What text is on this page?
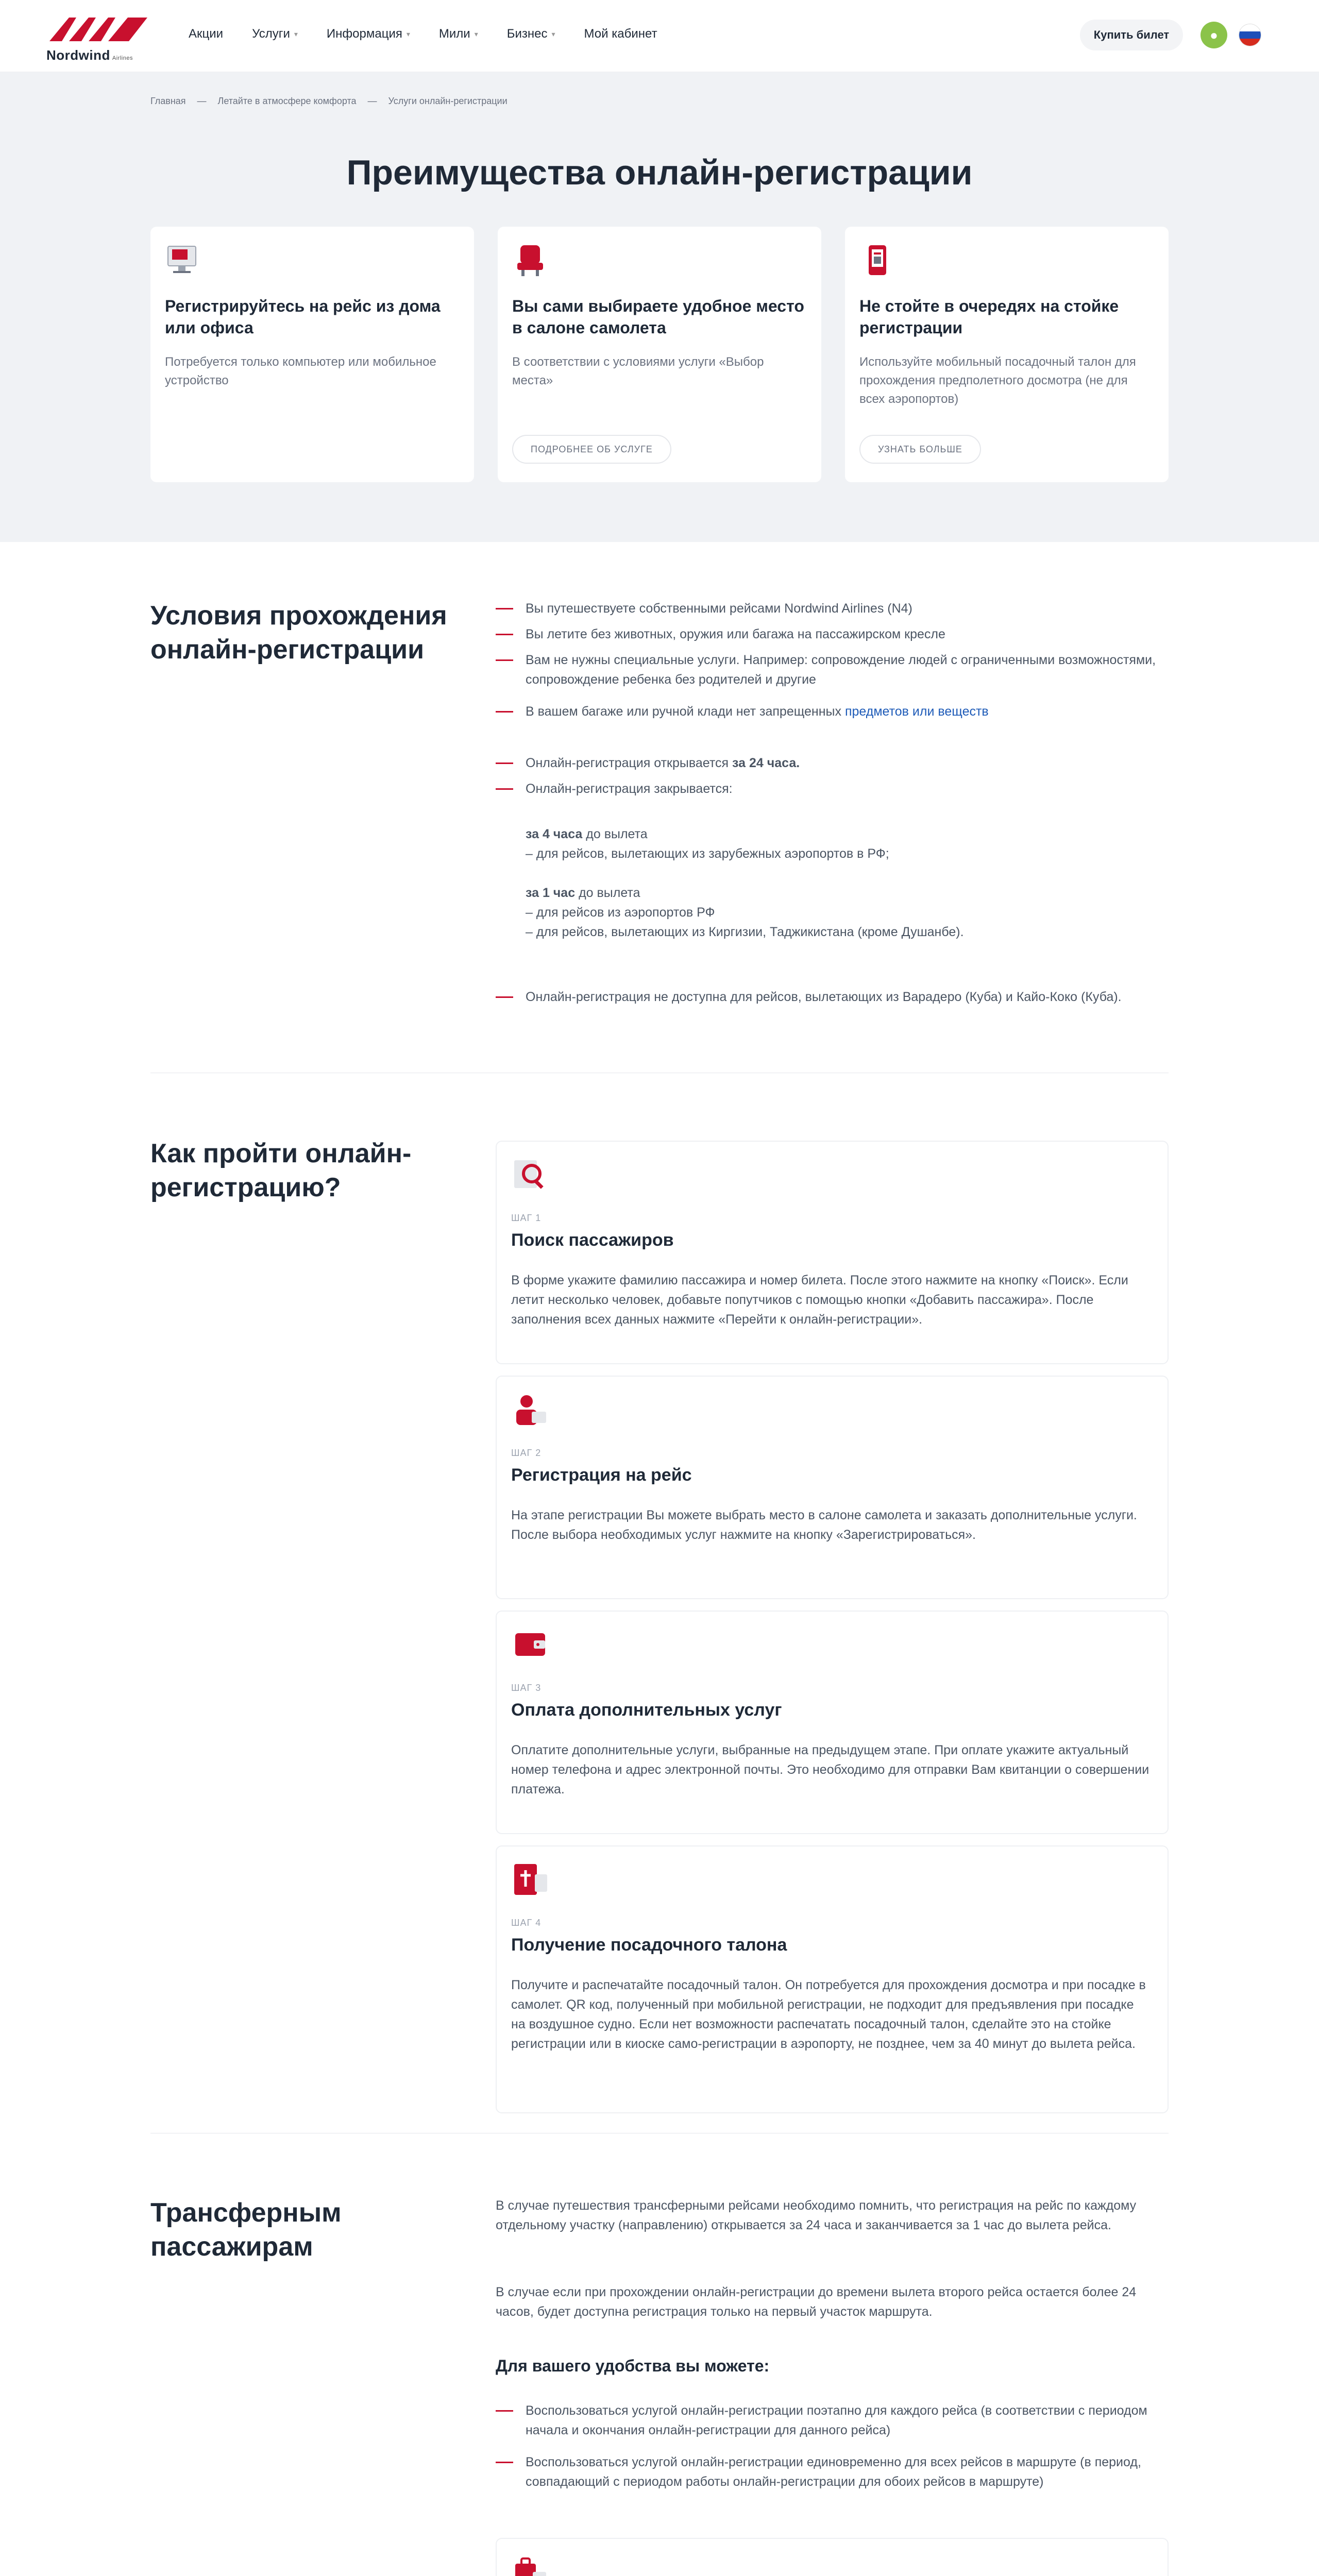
Nordwind Airlines
Акции Услуги ▾ Информация ▾ Мили ▾ Бизнес ▾ Мой кабинет	Купить билет	●
Главная — Летайте в атмосфере комфорта — Услуги онлайн-регистрации
Преимущества онлайн-регистрации
Регистрируйтесь на рейс из дома или офиса
Потребуется только компьютер или мобильное устройство
Вы сами выбираете удобное место в салоне самолета
В соответствии с условиями услуги «Выбор места»
ПОДРОБНЕЕ ОБ УСЛУГЕ
Не стойте в очередях на стойке регистрации
Используйте мобильный посадочный талон для прохождения предполетного досмотра (не для всех аэропортов)
УЗНАТЬ БОЛЬШЕ
Условия прохождения онлайн-регистрации
Вы путешествуете собственными рейсами Nordwind Airlines (N4)
Вы летите без животных, оружия или багажа на пассажирском кресле
Вам не нужны специальные услуги. Например: сопровождение людей с ограниченными возможностями, сопровождение ребенка без родителей и другие
В вашем багаже или ручной клади нет запрещенных предметов или веществ
Онлайн-регистрация открывается за 24 часа.
Онлайн-регистрация закрывается:
за 4 часа до вылета
– для рейсов, вылетающих из зарубежных аэропортов в РФ;
за 1 час до вылета
– для рейсов из аэропортов РФ
– для рейсов, вылетающих из Киргизии, Таджикистана (кроме Душанбе).
Онлайн-регистрация не доступна для рейсов, вылетающих из Варадеро (Куба) и Кайо-Коко (Куба).
Как пройти онлайн-регистрацию?
ШАГ 1
Поиск пассажиров
В форме укажите фамилию пассажира и номер билета. После этого нажмите на кнопку «Поиск». Если летит несколько человек, добавьте попутчиков с помощью кнопки «Добавить пассажира». После заполнения всех данных нажмите «Перейти к онлайн-регистрации».
ШАГ 2
Регистрация на рейс
На этапе регистрации Вы можете выбрать место в салоне самолета и заказать дополнительные услуги. После выбора необходимых услуг нажмите на кнопку «Зарегистрироваться».
ШАГ 3
Оплата дополнительных услуг
Оплатите дополнительные услуги, выбранные на предыдущем этапе. При оплате укажите актуальный номер телефона и адрес электронной почты. Это необходимо для отправки Вам квитанции о совершении платежа.
ШАГ 4
Получение посадочного талона
Получите и распечатайте посадочный талон. Он потребуется для прохождения досмотра и при посадке в самолет. QR код, полученный при мобильной регистрации, не подходит для предъявления при посадке на воздушное судно. Если нет возможности распечатать посадочный талон, сделайте это на стойке регистрации или в киоске само-регистрации в аэропорту, не позднее, чем за 40 минут до вылета рейса.
Трансферным пассажирам
В случае путешествия трансферными рейсами необходимо помнить, что регистрация на рейс по каждому отдельному участку (направлению) открывается за 24 часа и заканчивается за 1 час до вылета рейса.
В случае если при прохождении онлайн-регистрации до времени вылета второго рейса остается более 24 часов, будет доступна регистрация только на первый участок маршрута.
Для вашего удобства вы можете:
Воспользоваться услугой онлайн-регистрации поэтапно для каждого рейса (в соответствии с периодом начала и окончания онлайн-регистрации для данного рейса)
Воспользоваться услугой онлайн-регистрации единовременно для всех рейсов в маршруте (в период, совпадающий с периодом работы онлайн-регистрации для обоих рейсов в маршруте)
